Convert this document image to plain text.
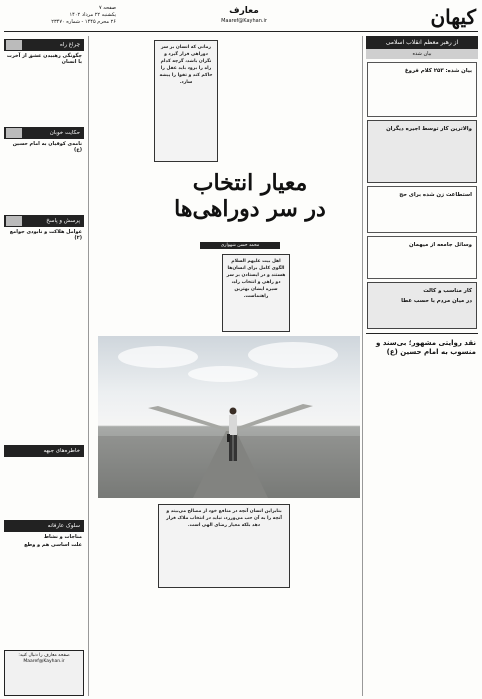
کیهان
معارف
Maaref@Kayhan.ir
صفحه ۷
یکشنبه ۲۲ مرداد ۱۴۰۲
۲۶ محرم ۱۴۴۵ - شماره ۲۳۴۷۰
از رهبر معظم انقلاب اسلامی
بیان شده
بیان شده: ۲۵۳ کلام فروغ
والاترین کار توسط اجیره دیگران
استطاعت زن شده برای حج
وسائل جامعه از میهمان
کار مناسب و کالت
در میان مردم با حسب عطا
نقد روایتی مشهور؛ بی‌سند و منسوب به امام حسین (ع)
چراغ راه
چگونگی رهبیدن عشق از آخرت با انسان
حکایت خوبان
نامه‌ی کوفیان به امام حسین (ع)
پرسش و پاسخ
عوامل هلاکت و نابودی جوامع (۲)
خاطره‌های جبهه
سلوک عارفانه
مناجات و نشاط
علت اساسی هم و وطع
صفحه معارف را دنبال کنید: Maaref@Kayhan.ir
زمانی که انسان بر سر دوراهی قرار گیرد و نگران باشد، گرچه کدام راه را برود باید عقل را حاکم کند و تقوا را پیشه سازد.
معیار انتخاب
در سر دوراهی‌ها
محمد حسن شهواری
اهل بیت علیهم السلام الگوی کامل برای انسان‌ها هستند و در ایستادن بر سر دو راهی و انتخاب راه، سیره ایشان بهترین راهنماست.
بنابراین انسان آنچه در منافع خود از مصالح می‌بیند و آنچه را به آن حب می‌ورزد، نباید در انتخاب ملاک قرار دهد بلکه معیار رضای الهی است.
